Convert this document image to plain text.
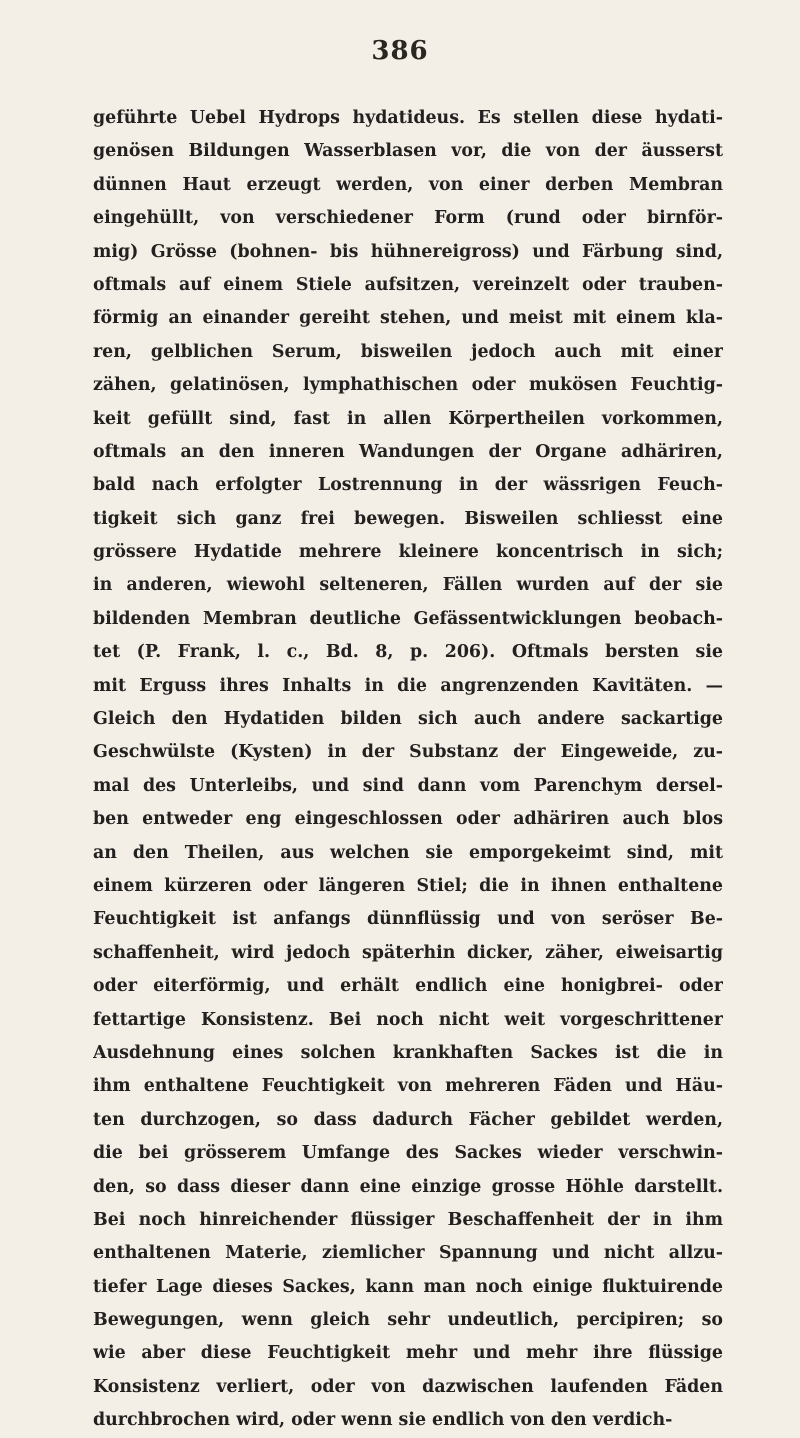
386
geführte Uebel Hydrops hydatideus. Es stellen diese hydati-
genösen Bildungen Wasserblasen vor, die von der äusserst
dünnen Haut erzeugt werden, von einer derben Membran
eingehüllt, von verschiedener Form (rund oder birnför-
mig) Grösse (bohnen- bis hühnereigross) und Färbung sind,
oftmals auf einem Stiele aufsitzen, vereinzelt oder trauben-
förmig an einander gereiht stehen, und meist mit einem kla-
ren, gelblichen Serum, bisweilen jedoch auch mit einer
zähen, gelatinösen, lymphathischen oder mukösen Feuchtig-
keit gefüllt sind, fast in allen Körpertheilen vorkommen,
oftmals an den inneren Wandungen der Organe adhäriren,
bald nach erfolgter Lostrennung in der wässrigen Feuch-
tigkeit sich ganz frei bewegen. Bisweilen schliesst eine
grössere Hydatide mehrere kleinere koncentrisch in sich;
in anderen, wiewohl selteneren, Fällen wurden auf der sie
bildenden Membran deutliche Gefässentwicklungen beobach-
tet (P. Frank, l. c., Bd. 8, p. 206). Oftmals bersten sie
mit Erguss ihres Inhalts in die angrenzenden Kavitäten. —
Gleich den Hydatiden bilden sich auch andere sackartige
Geschwülste (Kysten) in der Substanz der Eingeweide, zu-
mal des Unterleibs, und sind dann vom Parenchym dersel-
ben entweder eng eingeschlossen oder adhäriren auch blos
an den Theilen, aus welchen sie emporgekeimt sind, mit
einem kürzeren oder längeren Stiel; die in ihnen enthaltene
Feuchtigkeit ist anfangs dünnflüssig und von seröser Be-
schaffenheit, wird jedoch späterhin dicker, zäher, eiweisartig
oder eiterförmig, und erhält endlich eine honigbrei- oder
fettartige Konsistenz. Bei noch nicht weit vorgeschrittener
Ausdehnung eines solchen krankhaften Sackes ist die in
ihm enthaltene Feuchtigkeit von mehreren Fäden und Häu-
ten durchzogen, so dass dadurch Fächer gebildet werden,
die bei grösserem Umfange des Sackes wieder verschwin-
den, so dass dieser dann eine einzige grosse Höhle darstellt.
Bei noch hinreichender flüssiger Beschaffenheit der in ihm
enthaltenen Materie, ziemlicher Spannung und nicht allzu-
tiefer Lage dieses Sackes, kann man noch einige fluktuirende
Bewegungen, wenn gleich sehr undeutlich, percipiren; so
wie aber diese Feuchtigkeit mehr und mehr ihre flüssige
Konsistenz verliert, oder von dazwischen laufenden Fäden
durchbrochen wird, oder wenn sie endlich von den verdich-
